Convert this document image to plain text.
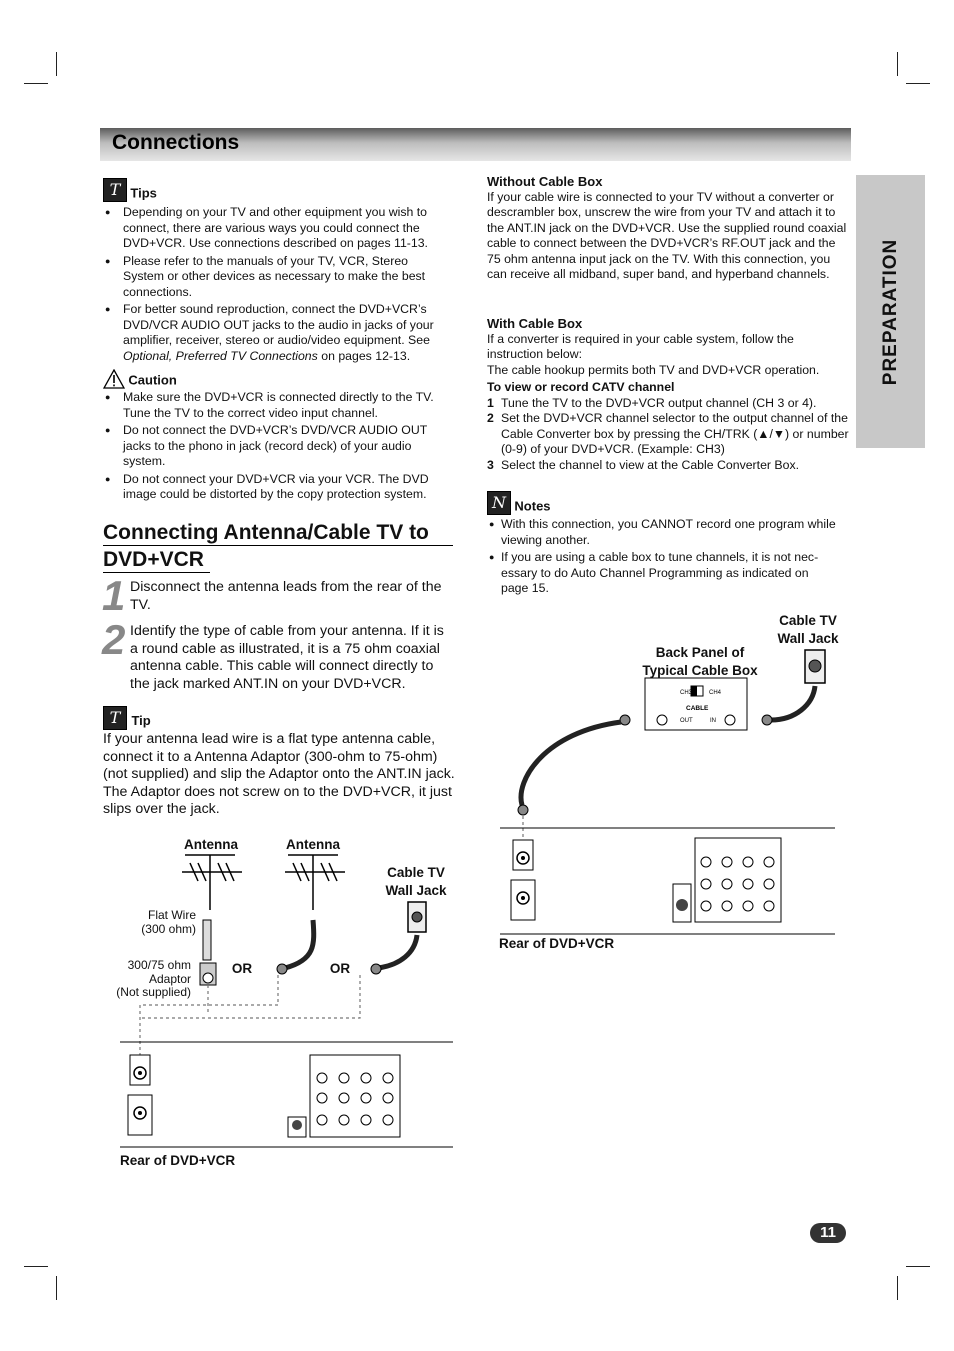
Connections
PREPARATION
T Tips
● Depending on your TV and other equipment you wish to connect, there are various ways you could connect the DVD+VCR. Use connections described on pages 11-13.
● Please refer to the manuals of your TV, VCR, Stereo System or other devices as necessary to make the best connections.
● For better sound reproduction, connect the DVD+VCR’s DVD/VCR AUDIO OUT jacks to the audio in jacks of your amplifier, receiver, stereo or audio/video equipment. See Optional, Preferred TV Connections on pages 12-13.
Caution
● Make sure the DVD+VCR is connected directly to the TV. Tune the TV to the correct video input channel.
● Do not connect the DVD+VCR’s DVD/VCR AUDIO OUT jacks to the phono in jack (record deck) of your audio system.
● Do not connect your DVD+VCR via your VCR. The DVD image could be distorted by the copy protection system.
Connecting Antenna/Cable TV to DVD+VCR
1 Disconnect the antenna leads from the rear of the TV.
2 Identify the type of cable from your antenna. If it is a round cable as illustrated, it is a 75 ohm coaxial antenna cable. This cable will connect directly to the jack marked ANT.IN on your DVD+VCR.
T Tip
If your antenna lead wire is a flat type antenna cable, connect it to a Antenna Adaptor (300-ohm to 75-ohm) (not supplied) and slip the Adaptor onto the ANT.IN jack. The Adaptor does not screw on to the DVD+VCR, it just slips over the jack.
Antenna	Antenna
Cable TV
Wall Jack
Flat Wire
(300 ohm)
300/75 ohm
Adaptor
(Not supplied)
OR	OR
Rear of DVD+VCR
Without Cable Box
If your cable wire is connected to your TV without a converter or descrambler box, unscrew the wire from your TV and attach it to the ANT.IN jack on the DVD+VCR. Use the supplied round coaxial cable to connect between the DVD+VCR’s RF.OUT jack and the 75 ohm antenna input jack on the TV. With this connection, you can receive all midband, super band, and hyperband channels.
With Cable Box
If a converter is required in your cable system, follow the instruction below:
The cable hookup permits both TV and DVD+VCR operation.
To view or record CATV channel
1 Tune the TV to the DVD+VCR output channel (CH 3 or 4).
2 Set the DVD+VCR channel selector to the output channel of the Cable Converter box by pressing the CH/TRK (▲/▼) or number (0-9) of your DVD+VCR. (Example: CH3)
3 Select the channel to view at the Cable Converter Box.
N Notes
● With this connection, you CANNOT record one program while viewing another.
● If you are using a cable box to tune channels, it is not nec-essary to do Auto Channel Programming as indicated on page 15.
CH3	CH4
CABLE
OUT	IN
Cable TV
Wall Jack
Back Panel of
Typical Cable Box
Rear of DVD+VCR
11
